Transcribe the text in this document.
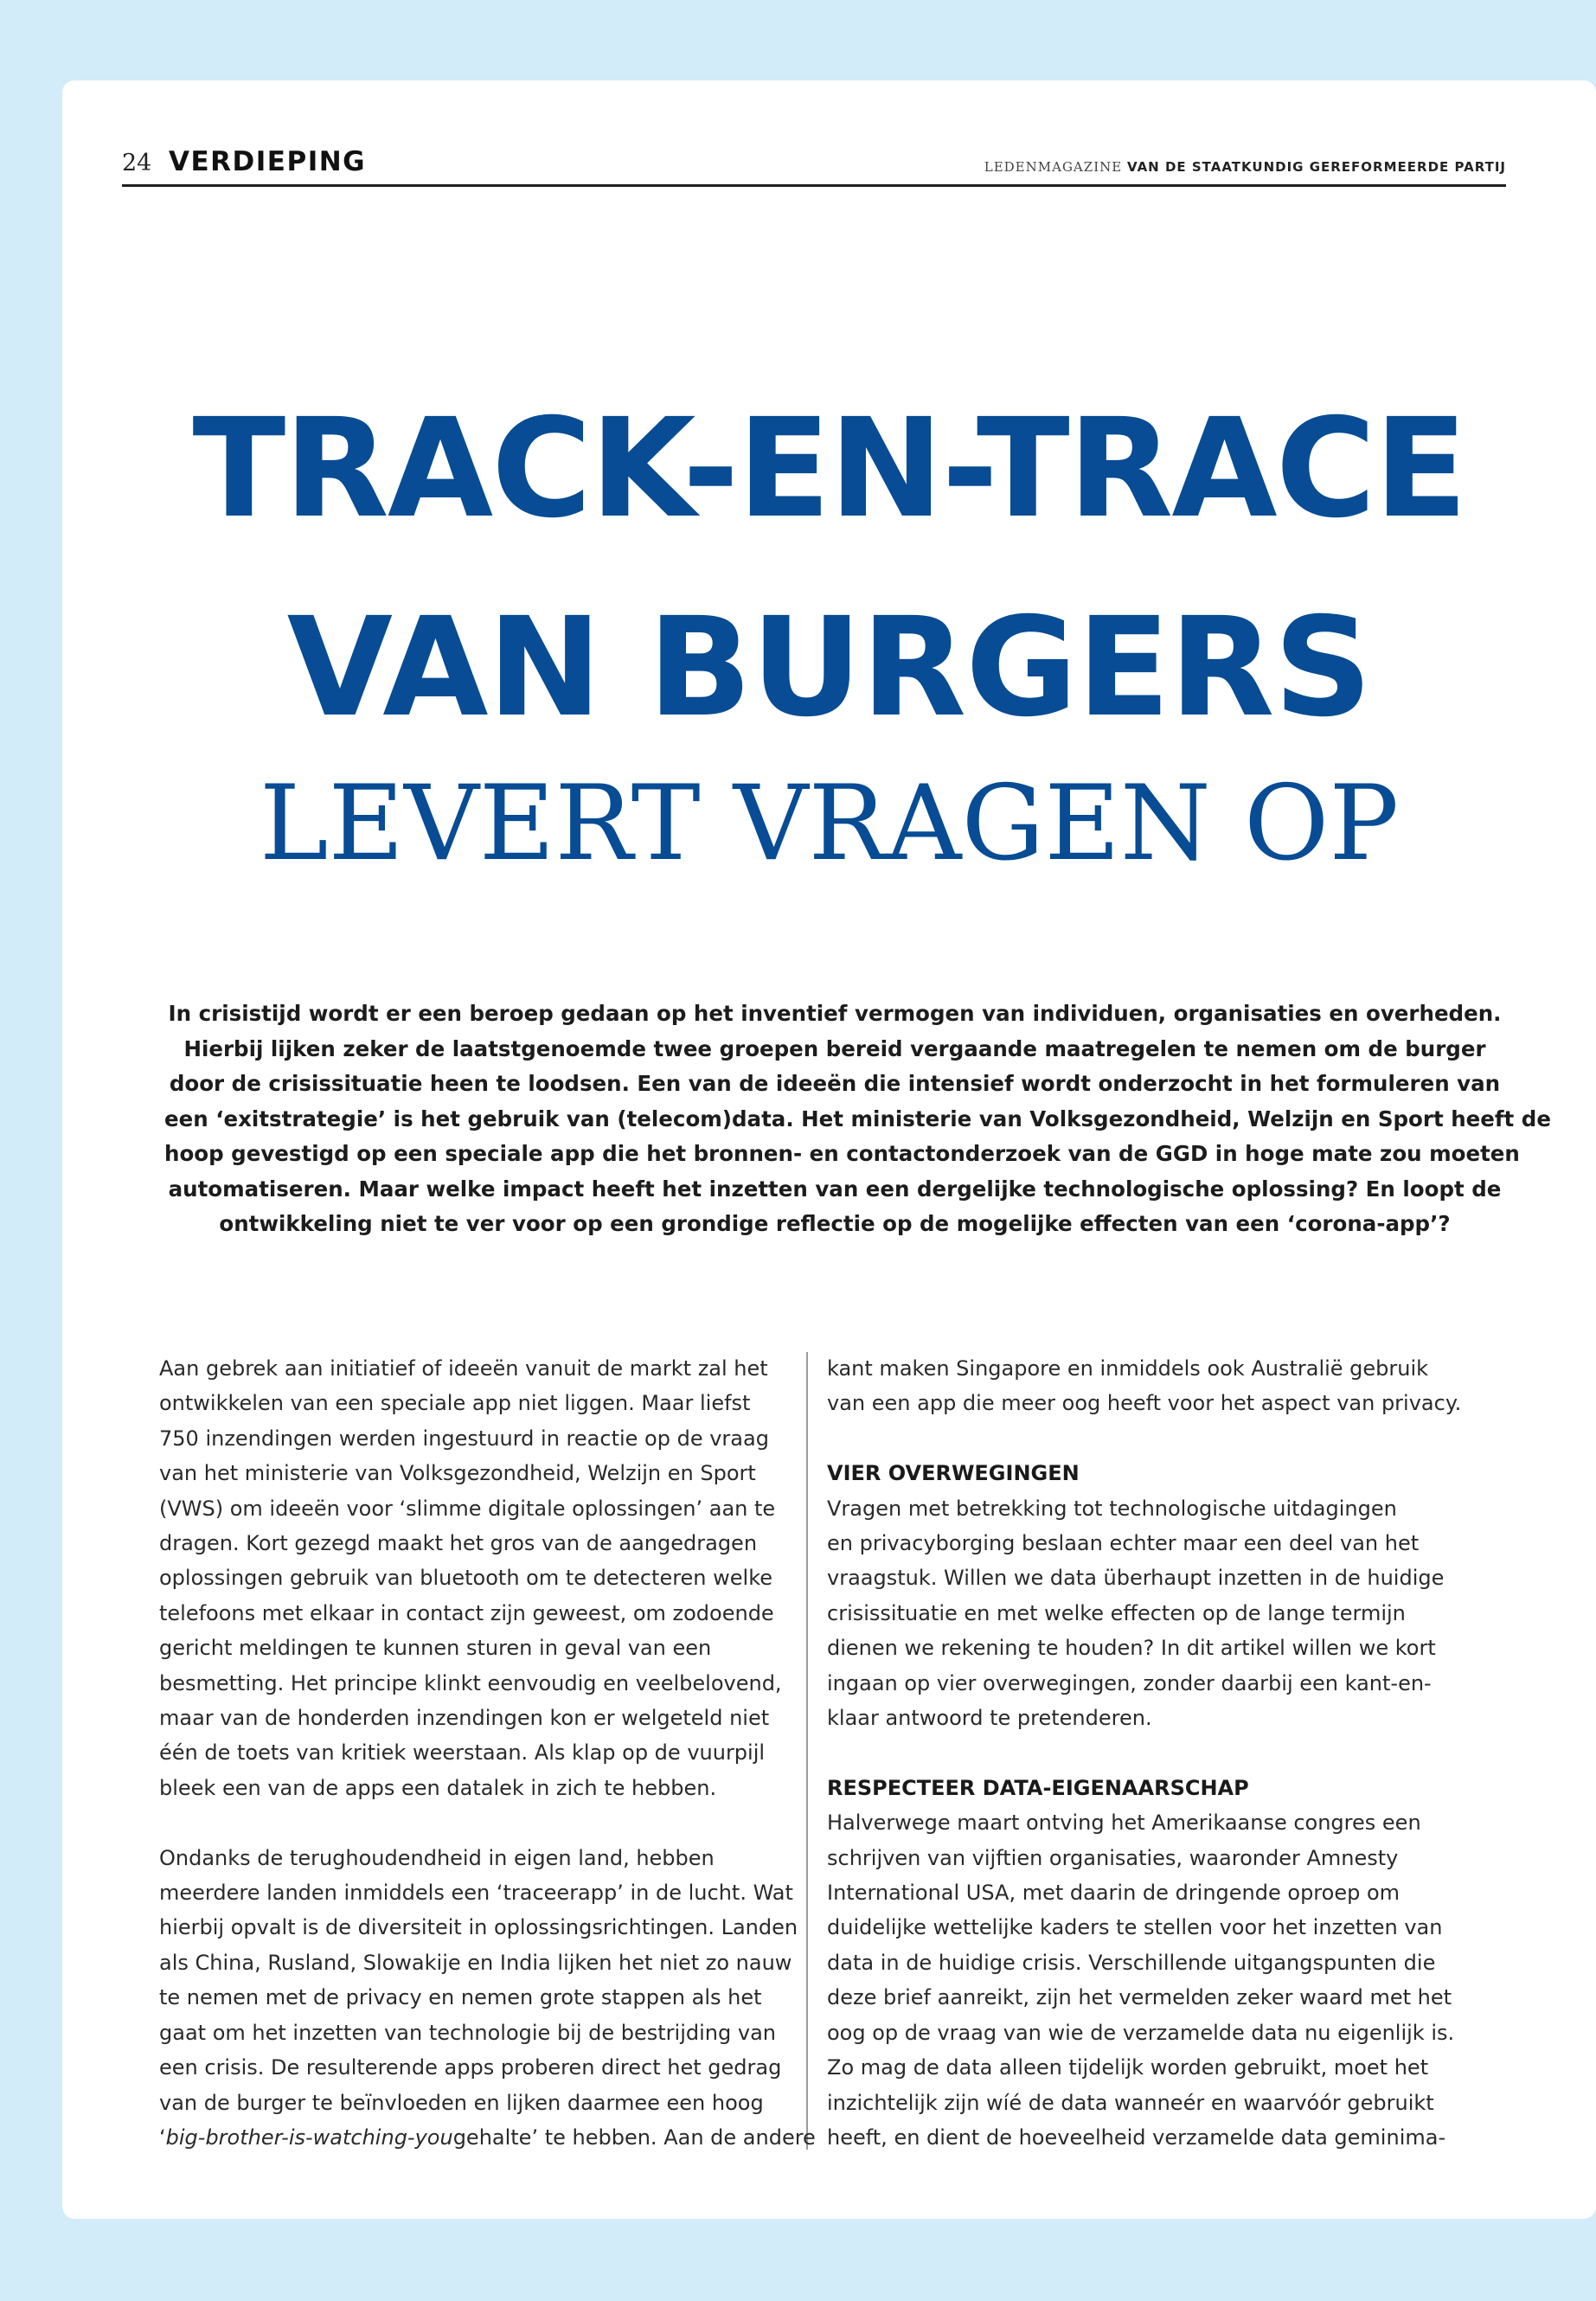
24 VERDIEPING	LEDENMAGAZINE VAN DE STAATKUNDIG GEREFORMEERDE PARTIJ
TRACK-EN-TRACE
VAN BURGERS
LEVERT VRAGEN OP
In crisistijd wordt er een beroep gedaan op het inventief vermogen van individuen, organisaties en overheden.
Hierbij lijken zeker de laatstgenoemde twee groepen bereid vergaande maatregelen te nemen om de burger
door de crisissituatie heen te loodsen. Een van de ideeën die intensief wordt onderzocht in het formuleren van
een ‘exitstrategie’ is het gebruik van (telecom)data. Het ministerie van Volksgezondheid, Welzijn en Sport heeft de
hoop gevestigd op een speciale app die het bronnen- en contactonderzoek van de GGD in hoge mate zou moeten
automatiseren. Maar welke impact heeft het inzetten van een dergelijke technologische oplossing? En loopt de
ontwikkeling niet te ver voor op een grondige reflectie op de mogelijke effecten van een ‘corona-app’?

Aan gebrek aan initiatief of ideeën vanuit de markt zal het
ontwikkelen van een speciale app niet liggen. Maar liefst
750 inzendingen werden ingestuurd in reactie op de vraag
van het ministerie van Volksgezondheid, Welzijn en Sport
(VWS) om ideeën voor ‘slimme digitale oplossingen’ aan te
dragen. Kort gezegd maakt het gros van de aangedragen
oplossingen gebruik van bluetooth om te detecteren welke
telefoons met elkaar in contact zijn geweest, om zodoende
gericht meldingen te kunnen sturen in geval van een
besmetting. Het principe klinkt eenvoudig en veelbelovend,
maar van de honderden inzendingen kon er welgeteld niet
één de toets van kritiek weerstaan. Als klap op de vuurpijl
bleek een van de apps een datalek in zich te hebben.

Ondanks de terughoudendheid in eigen land, hebben
meerdere landen inmiddels een ‘traceerapp’ in de lucht. Wat
hierbij opvalt is de diversiteit in oplossingsrichtingen. Landen
als China, Rusland, Slowakije en India lijken het niet zo nauw
te nemen met de privacy en nemen grote stappen als het
gaat om het inzetten van technologie bij de bestrijding van
een crisis. De resulterende apps proberen direct het gedrag
van de burger te beïnvloeden en lijken daarmee een hoog
‘big-brother-is-watching-yougehalte’ te hebben. Aan de andere

kant maken Singapore en inmiddels ook Australië gebruik
van een app die meer oog heeft voor het aspect van privacy.

VIER OVERWEGINGEN

Vragen met betrekking tot technologische uitdagingen
en privacyborging beslaan echter maar een deel van het
vraagstuk. Willen we data überhaupt inzetten in de huidige
crisissituatie en met welke effecten op de lange termijn
dienen we rekening te houden? In dit artikel willen we kort
ingaan op vier overwegingen, zonder daarbij een kant-en-
klaar antwoord te pretenderen.

RESPECTEER DATA-EIGENAARSCHAP

Halverwege maart ontving het Amerikaanse congres een
schrijven van vijftien organisaties, waaronder Amnesty
International USA, met daarin de dringende oproep om
duidelijke wettelijke kaders te stellen voor het inzetten van
data in de huidige crisis. Verschillende uitgangspunten die
deze brief aanreikt, zijn het vermelden zeker waard met het
oog op de vraag van wie de verzamelde data nu eigenlijk is.
Zo mag de data alleen tijdelijk worden gebruikt, moet het
inzichtelijk zijn wíé de data wanneér en waarvóór gebruikt
heeft, en dient de hoeveelheid verzamelde data geminima-
